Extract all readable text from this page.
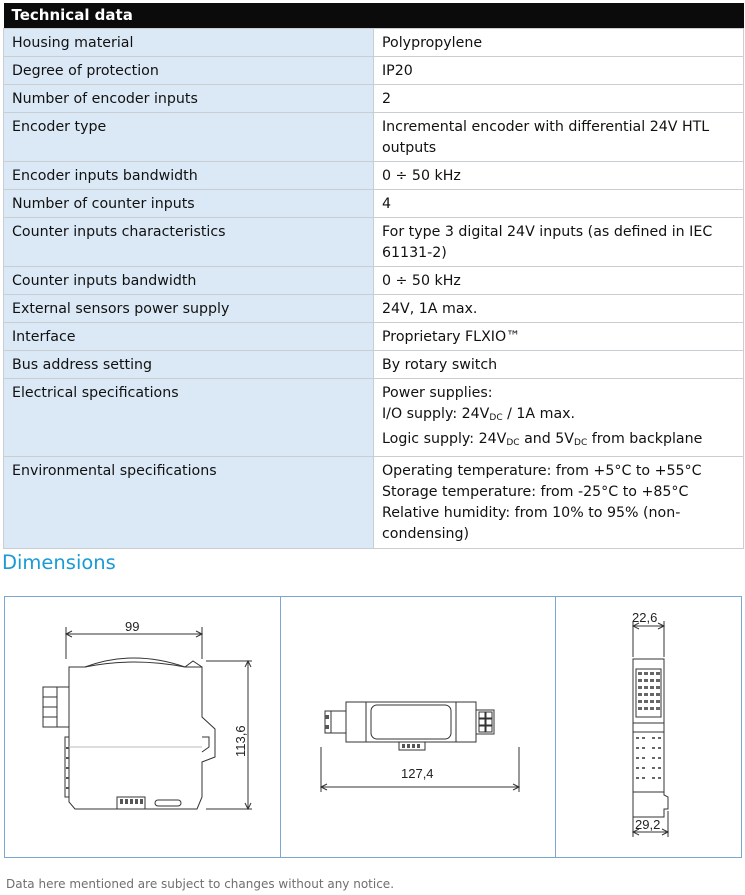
Technical data	
Housing material	Polypropylene
Degree of protection	IP20
Number of encoder inputs	2
Encoder type	Incremental encoder with differential 24V HTL outputs
Encoder inputs bandwidth	0 ÷ 50 kHz
Number of counter inputs	4
Counter inputs characteristics	For type 3 digital 24V inputs (as defined in IEC 61131-2)
Counter inputs bandwidth	0 ÷ 50 kHz
External sensors power supply	24V, 1A max.
Interface	Proprietary FLXIO™
Bus address setting	By rotary switch
Electrical specifications	Power supplies:
I/O supply: $24V_{DC} / 1A$ max.
Logic supply: $24V_{DC}$ and $5V_{DC}$ from backplane

Environmental specifications	Operating temperature: from +5°C to +55°C
Storage temperature: from -25°C to +85°C
Relative humidity: from 10% to 95% (non-condensing)
Dimensions
99
113,6
127,4
22,6
29,2
Data here mentioned are subject to changes without any notice.
